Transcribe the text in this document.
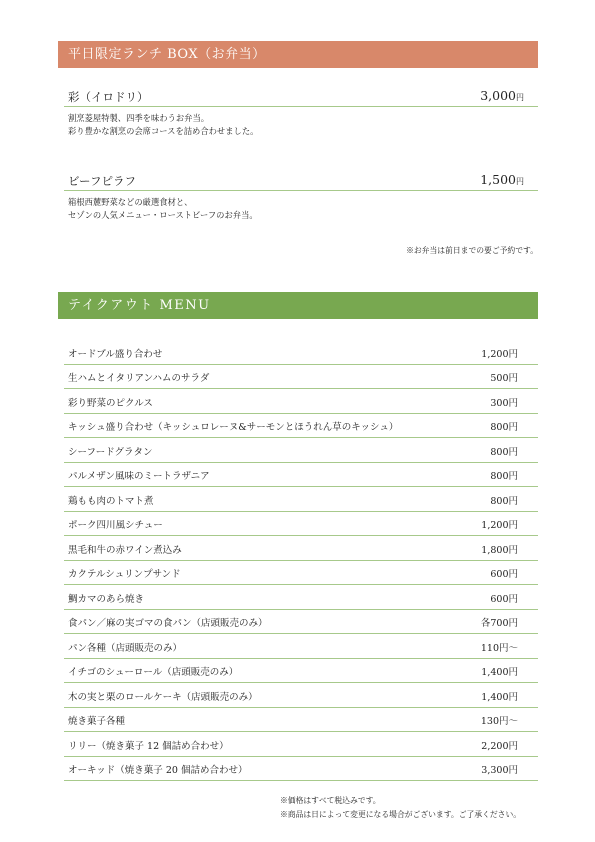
平日限定ランチ BOX（お弁当）
彩（イロドリ）	3,000 円
割烹菱屋特製、四季を味わうお弁当。
彩り豊かな割烹の会席コースを詰め合わせました。
ビーフピラフ	1,500 円
箱根西麓野菜などの厳選食材と、
セゾンの人気メニュー・ローストビーフのお弁当。
※お弁当は前日までの要ご予約です。
テイクアウト MENU
オードブル盛り合わせ	1,200円
生ハムとイタリアンハムのサラダ	500円
彩り野菜のピクルス	300円
キッシュ盛り合わせ（キッシュロレーヌ&サーモンとほうれん草のキッシュ）	800円
シーフードグラタン	800円
パルメザン風味のミートラザニア	800円
鶏もも肉のトマト煮	800円
ポーク四川風シチュー	1,200円
黒毛和牛の赤ワイン煮込み	1,800円
カクテルシュリンプサンド	600円
鯛カマのあら焼き	600円
食パン／麻の実ゴマの食パン（店頭販売のみ）	各700円
パン各種（店頭販売のみ）	110円～
イチゴのシューロール（店頭販売のみ）	1,400円
木の実と栗のロールケーキ（店頭販売のみ）	1,400円
焼き菓子各種	130円～
リリー（焼き菓子 12 個詰め合わせ）	2,200円
オーキッド（焼き菓子 20 個詰め合わせ）	3,300円
※価格はすべて税込みです。
※商品は日によって変更になる場合がございます。ご了承ください。
